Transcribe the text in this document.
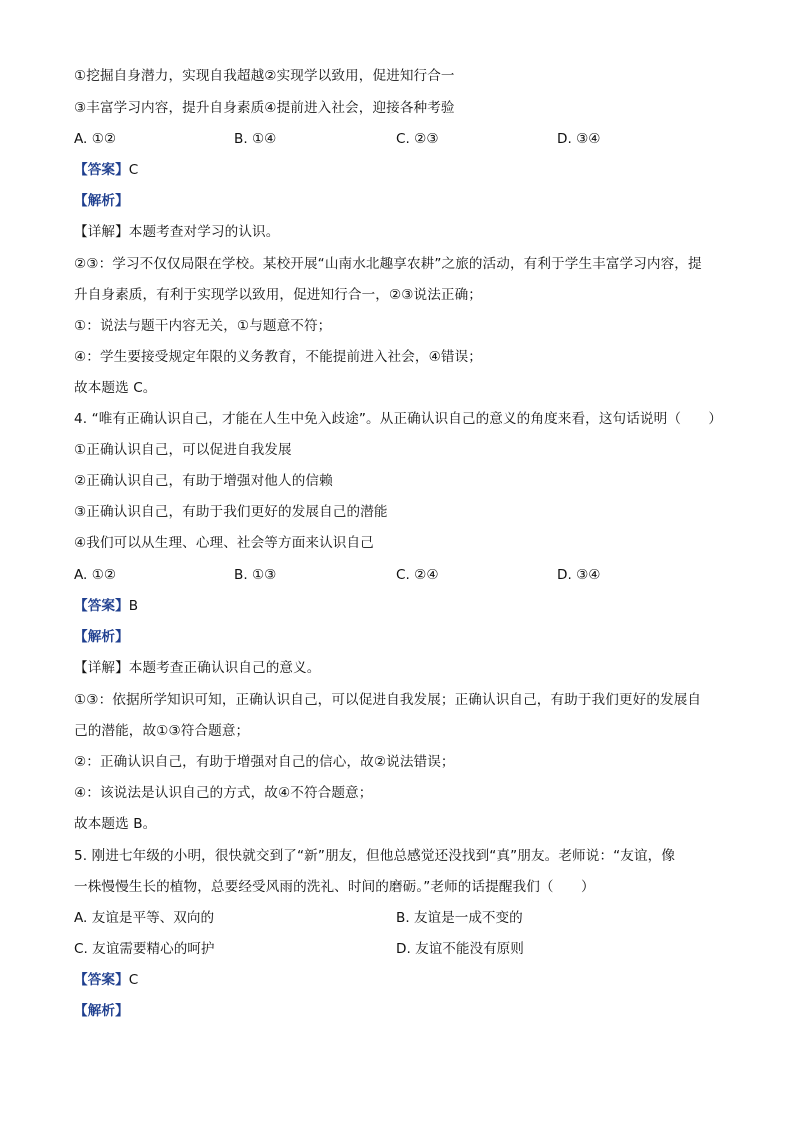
①挖掘自身潜力，实现自我超越②实现学以致用，促进知行合一
③丰富学习内容，提升自身素质④提前进入社会，迎接各种考验
A. ①②	B. ①④	C. ②③	D. ③④
【答案】C
【解析】
【详解】本题考查对学习的认识。
②③：学习不仅仅局限在学校。某校开展“山南水北趣享农耕”之旅的活动，有利于学生丰富学习内容，提
升自身素质，有利于实现学以致用，促进知行合一，②③说法正确；
①：说法与题干内容无关，①与题意不符；
④：学生要接受规定年限的义务教育，不能提前进入社会，④错误；
故本题选 C。
4. “唯有正确认识自己，才能在人生中免入歧途”。从正确认识自己的意义的角度来看，这句话说明（　　）
①正确认识自己，可以促进自我发展
②正确认识自己，有助于增强对他人的信赖
③正确认识自己，有助于我们更好的发展自己的潜能
④我们可以从生理、心理、社会等方面来认识自己
A. ①②	B. ①③	C. ②④	D. ③④
【答案】B
【解析】
【详解】本题考查正确认识自己的意义。
①③：依据所学知识可知，正确认识自己，可以促进自我发展；正确认识自己，有助于我们更好的发展自
己的潜能，故①③符合题意；
②：正确认识自己，有助于增强对自己的信心，故②说法错误；
④：该说法是认识自己的方式，故④不符合题意；
故本题选 B。
5. 刚进七年级的小明，很快就交到了“新”朋友，但他总感觉还没找到“真”朋友。老师说：“友谊，像
一株慢慢生长的植物，总要经受风雨的洗礼、时间的磨砺。”老师的话提醒我们（　　）
A. 友谊是平等、双向的	B. 友谊是一成不变的
C. 友谊需要精心的呵护	D. 友谊不能没有原则
【答案】C
【解析】
